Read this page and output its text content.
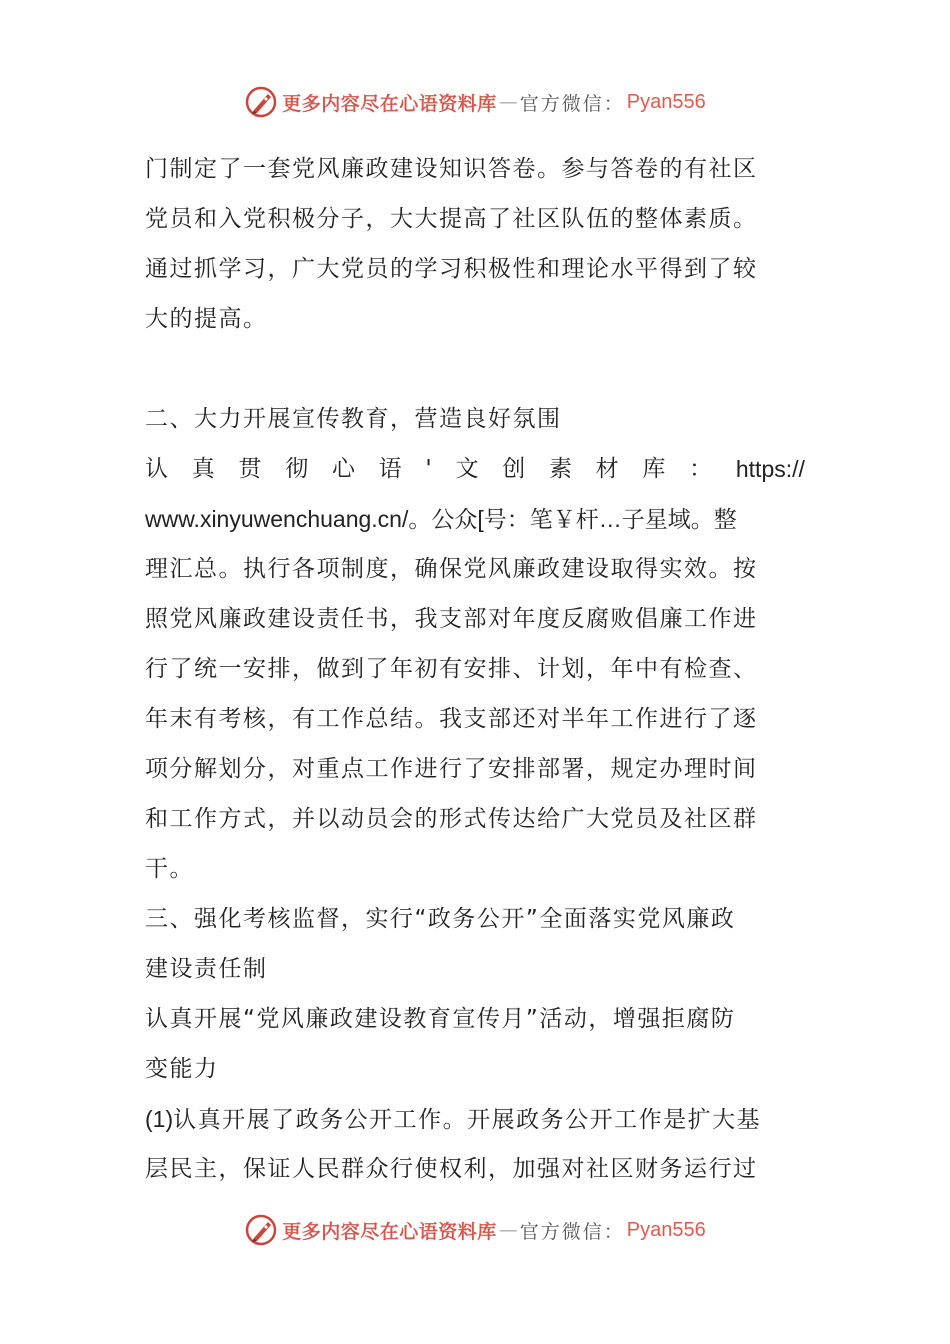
更多内容尽在心语资料库 — 官方微信： Pyan556
门制定了一套党风廉政建设知识答卷。参与答卷的有社区
党员和入党积极分子，大大提高了社区队伍的整体素质。
通过抓学习，广大党员的学习积极性和理论水平得到了较
大的提高。
二、大力开展宣传教育，营造良好氛围
认 真 贯 彻 心 语 ' 文 创 素 材 库 ： https://
www.xinyuwenchuang.cn/。公众[号：笔￥杆…子星域。整
理汇总。执行各项制度，确保党风廉政建设取得实效。按
照党风廉政建设责任书，我支部对年度反腐败倡廉工作进
行了统一安排，做到了年初有安排、计划，年中有检查、
年末有考核，有工作总结。我支部还对半年工作进行了逐
项分解划分，对重点工作进行了安排部署，规定办理时间
和工作方式，并以动员会的形式传达给广大党员及社区群
干。
三、强化考核监督，实行“政务公开”全面落实党风廉政
建设责任制
认真开展“党风廉政建设教育宣传月”活动，增强拒腐防
变能力
(1)认真开展了政务公开工作。开展政务公开工作是扩大基
层民主，保证人民群众行使权利，加强对社区财务运行过
更多内容尽在心语资料库 — 官方微信： Pyan556
